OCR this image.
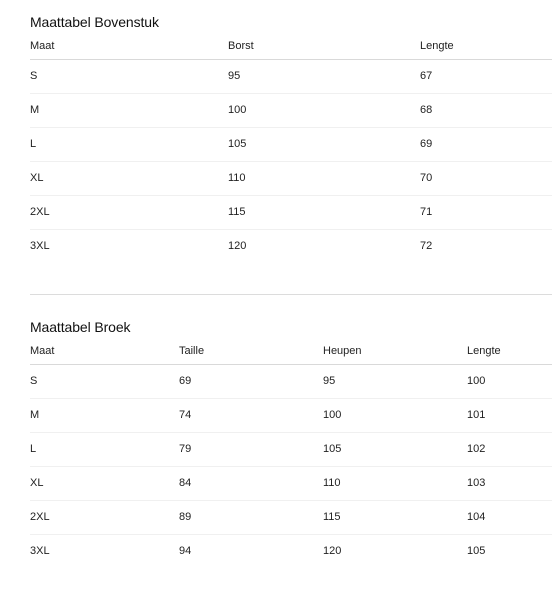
Maattabel Bovenstuk
Maat	Borst	Lengte
S	95	67
M	100	68
L	105	69
XL	110	70
2XL	115	71
3XL	120	72
Maattabel Broek
Maat	Taille	Heupen	Lengte
S	69	95	100
M	74	100	101
L	79	105	102
XL	84	110	103
2XL	89	115	104
3XL	94	120	105
